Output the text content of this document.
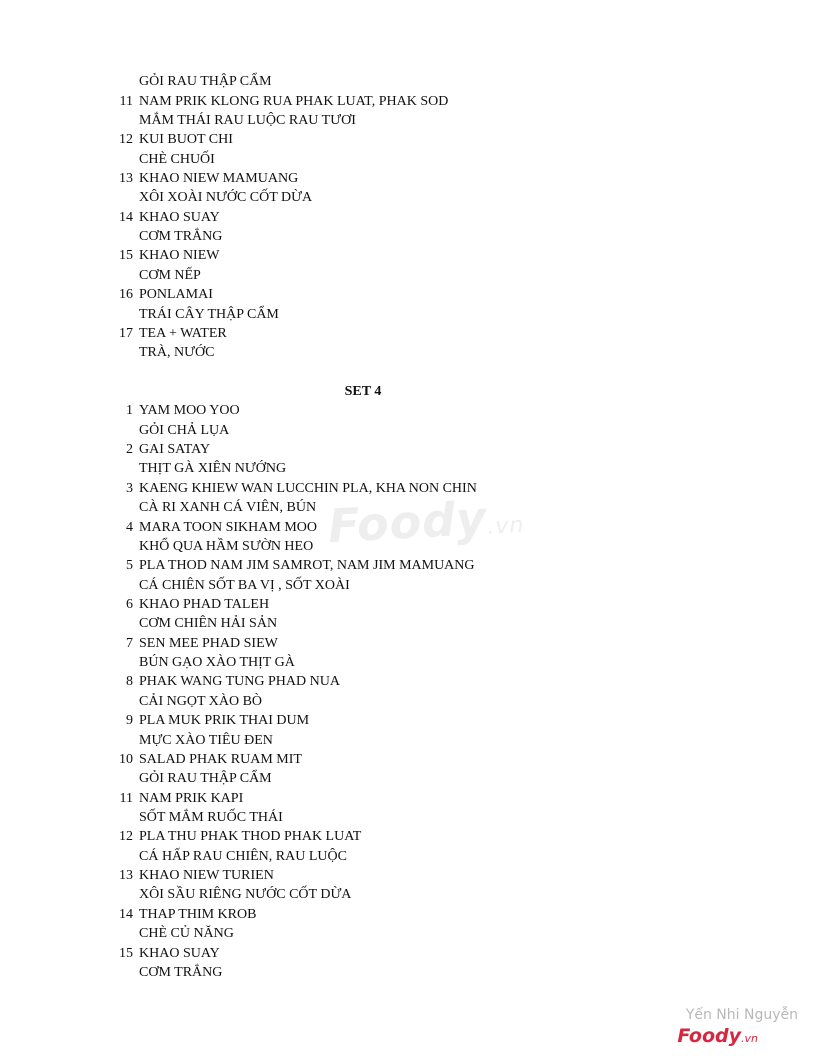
GỎI RAU THẬP CẨM
11 NAM PRIK KLONG RUA PHAK LUAT, PHAK SOD
MẮM THÁI RAU LUỘC RAU TƯƠI
12 KUI BUOT CHI
CHÈ CHUỐI
13 KHAO NIEW MAMUANG
XÔI XOÀI NƯỚC CỐT DỪA
14 KHAO SUAY
CƠM TRẮNG
15 KHAO NIEW
CƠM NẾP
16 PONLAMAI
TRÁI CÂY THẬP CẨM
17 TEA + WATER
TRÀ, NƯỚC
SET 4
1 YAM MOO YOO
GỎI CHẢ LỤA
2 GAI SATAY
THỊT GÀ XIÊN NƯỚNG
3 KAENG KHIEW WAN LUCCHIN PLA, KHA NON CHIN
CÀ RI XANH CÁ VIÊN, BÚN
4 MARA TOON SIKHAM MOO
KHỔ QUA HẦM SƯỜN HEO
5 PLA THOD NAM JIM SAMROT, NAM JIM MAMUANG
CÁ CHIÊN SỐT BA VỊ , SỐT XOÀI
6 KHAO PHAD TALEH
CƠM CHIÊN HẢI SẢN
7 SEN MEE PHAD SIEW
BÚN GẠO XÀO THỊT GÀ
8 PHAK WANG TUNG PHAD NUA
CẢI NGỌT XÀO BÒ
9 PLA MUK PRIK THAI DUM
MỰC XÀO TIÊU ĐEN
10 SALAD PHAK RUAM MIT
GỎI RAU THẬP CẨM
11 NAM PRIK KAPI
SỐT MẮM RUỐC THÁI
12 PLA THU PHAK THOD PHAK LUAT
CÁ HẤP RAU CHIÊN, RAU LUỘC
13 KHAO NIEW TURIEN
XÔI SẦU RIÊNG NƯỚC CỐT DỪA
14 THAP THIM KROB
CHÈ CỦ NĂNG
15 KHAO SUAY
CƠM TRẮNG
Foody.vn
Yến Nhi Nguyễn
Foody.vn
